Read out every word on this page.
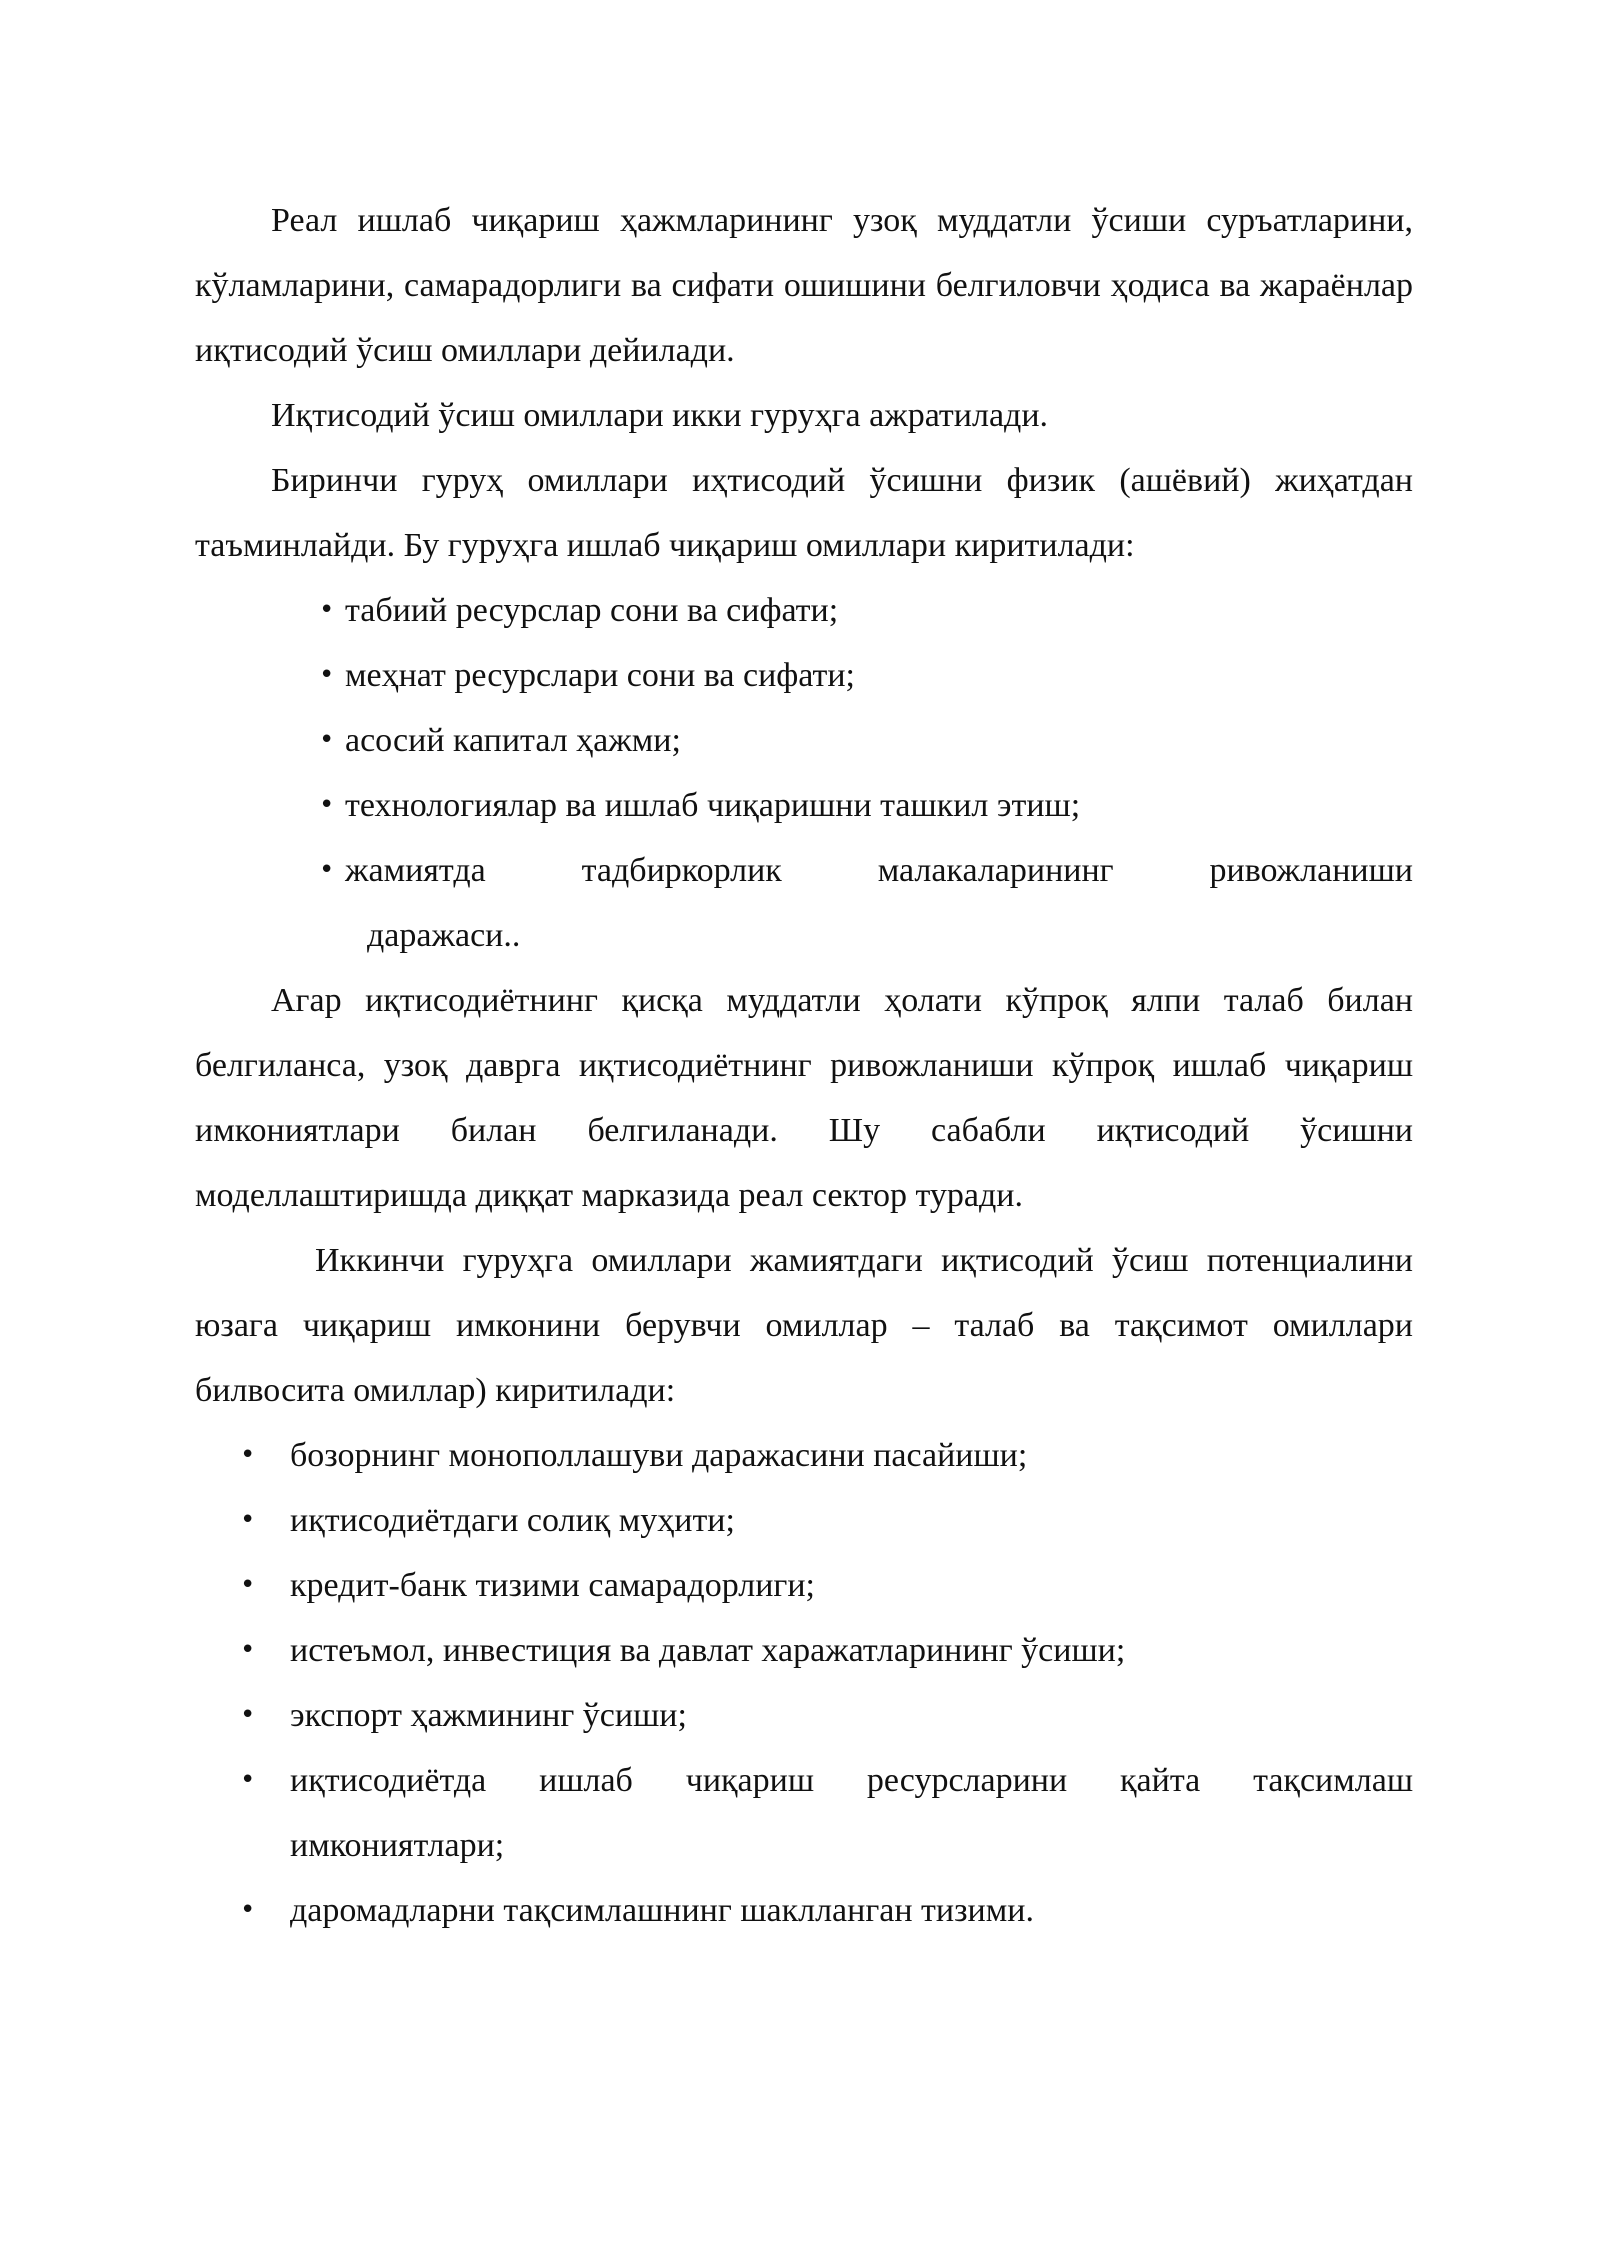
Реал ишлаб чиқариш ҳажмларининг узоқ муддатли ўсиши суръатларини, кўламларини, самарадорлиги ва сифати ошишини белгиловчи ҳодиса ва жараёнлар иқтисодий ўсиш омиллари дейилади.

Иқтисодий ўсиш омиллари икки гуруҳга ажратилади.

Биринчи гуруҳ омиллари иҳтисодий ўсишни физик (ашёвий) жиҳатдан таъминлайди. Бу гуруҳга ишлаб чиқариш омиллари киритилади:

• табиий ресурслар сони ва сифати;
• меҳнат ресурслари сони ва сифати;
• асосий капитал ҳажми;
• технологиялар ва ишлаб чиқаришни ташкил этиш;
• жамиятда тадбиркорлик малакаларининг ривожланиши
даражаси..

Агар иқтисодиётнинг қисқа муддатли ҳолати кўпроқ ялпи талаб билан белгиланса, узоқ даврга иқтисодиётнинг ривожланиши кўпроқ ишлаб чиқариш имкониятлари билан белгиланади. Шу сабабли иқтисодий ўсишни моделлаштиришда диққат марказида реал сектор туради.

Иккинчи гуруҳга омиллари жамиятдаги иқтисодий ўсиш потенциалини юзага чиқариш имконини берувчи омиллар – талаб ва тақсимот омиллари билвосита омиллар) киритилади:

• бозорнинг монополлашуви даражасини пасайиши;
• иқтисодиётдаги солиқ муҳити;
• кредит-банк тизими самарадорлиги;
• истеъмол, инвестиция ва давлат харажатларининг ўсиши;
• экспорт ҳажмининг ўсиши;
• иқтисодиётда ишлаб чиқариш ресурсларини қайта тақсимлаш имкониятлари;
• даромадларни тақсимлашнинг шаклланган тизими.
